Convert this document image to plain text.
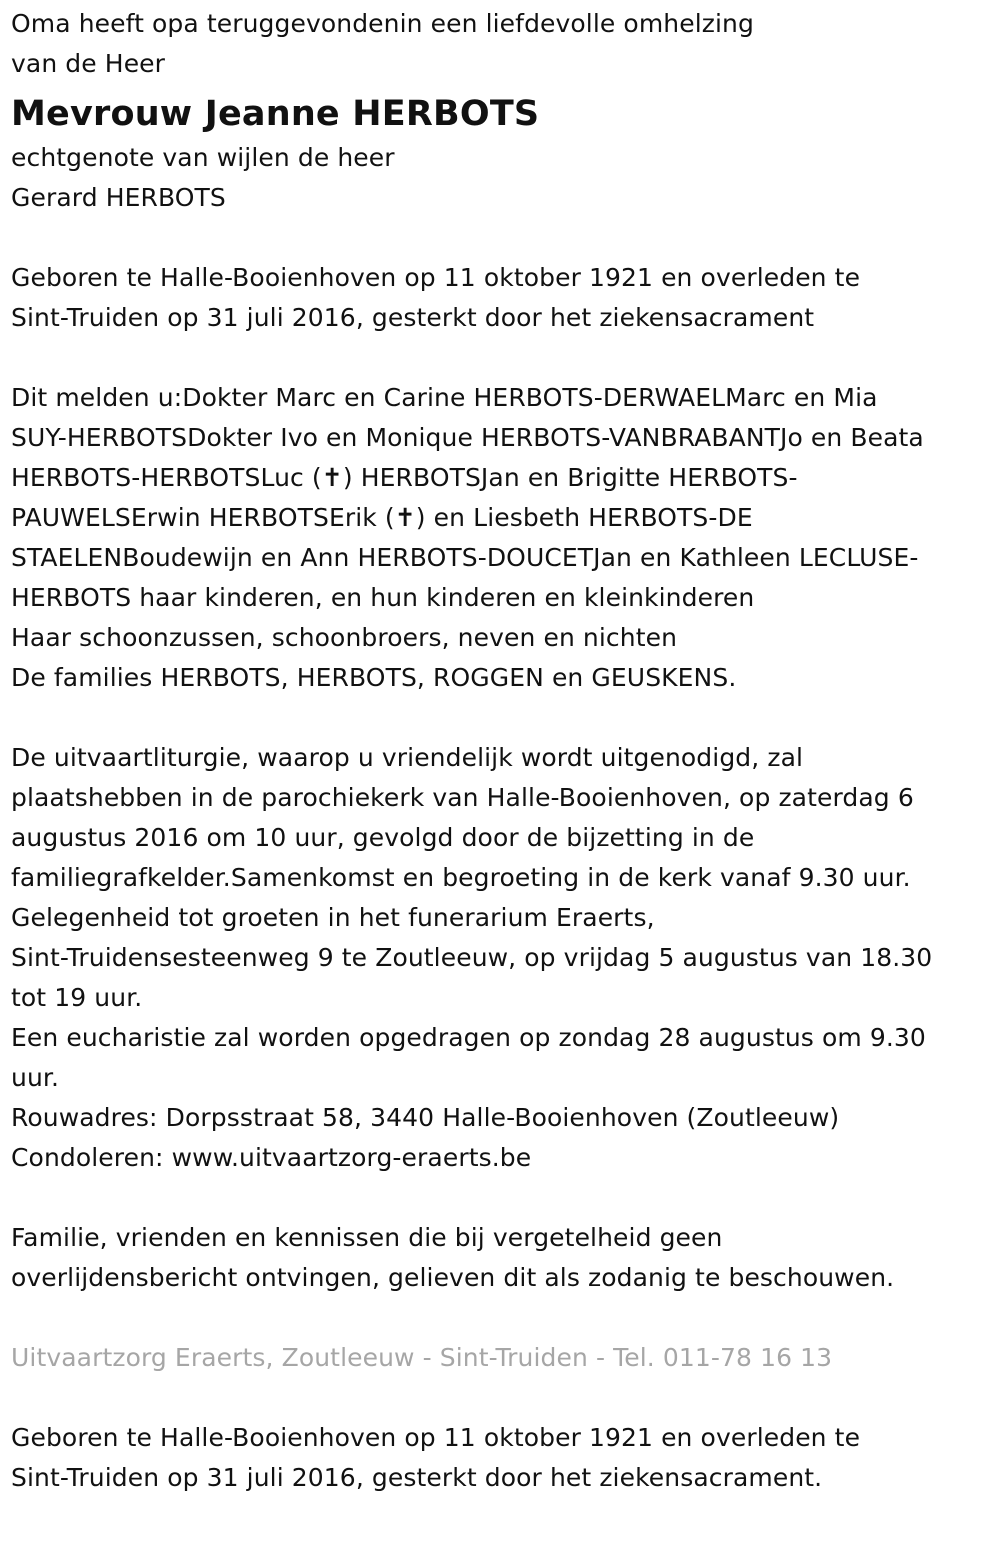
Oma heeft opa teruggevondenin een liefdevolle omhelzing
van de Heer
Mevrouw Jeanne HERBOTS
echtgenote van wijlen de heer
Gerard HERBOTS
Geboren te Halle-Booienhoven op 11 oktober 1921 en overleden te
Sint-Truiden op 31 juli 2016, gesterkt door het ziekensacrament
Dit melden u:Dokter Marc en Carine HERBOTS-DERWAELMarc en Mia
SUY-HERBOTSDokter Ivo en Monique HERBOTS-VANBRABANTJo en Beata
HERBOTS-HERBOTSLuc (✝) HERBOTSJan en Brigitte HERBOTS-
PAUWELSErwin HERBOTSErik (✝) en Liesbeth HERBOTS-DE
STAELENBoudewijn en Ann HERBOTS-DOUCETJan en Kathleen LECLUSE-
HERBOTS haar kinderen, en hun kinderen en kleinkinderen
Haar schoonzussen, schoonbroers, neven en nichten
De families HERBOTS, HERBOTS, ROGGEN en GEUSKENS.
De uitvaartliturgie, waarop u vriendelijk wordt uitgenodigd, zal
plaatshebben in de parochiekerk van Halle-Booienhoven, op zaterdag 6
augustus 2016 om 10 uur, gevolgd door de bijzetting in de
familiegrafkelder.Samenkomst en begroeting in de kerk vanaf 9.30 uur.
Gelegenheid tot groeten in het funerarium Eraerts,
Sint-Truidensesteenweg 9 te Zoutleeuw, op vrijdag 5 augustus van 18.30
tot 19 uur.
Een eucharistie zal worden opgedragen op zondag 28 augustus om 9.30
uur.
Rouwadres: Dorpsstraat 58, 3440 Halle-Booienhoven (Zoutleeuw)
Condoleren: www.uitvaartzorg-eraerts.be
Familie, vrienden en kennissen die bij vergetelheid geen
overlijdensbericht ontvingen, gelieven dit als zodanig te beschouwen.
Uitvaartzorg Eraerts, Zoutleeuw - Sint-Truiden - Tel. 011-78 16 13
Geboren te Halle-Booienhoven op 11 oktober 1921 en overleden te
Sint-Truiden op 31 juli 2016, gesterkt door het ziekensacrament.
